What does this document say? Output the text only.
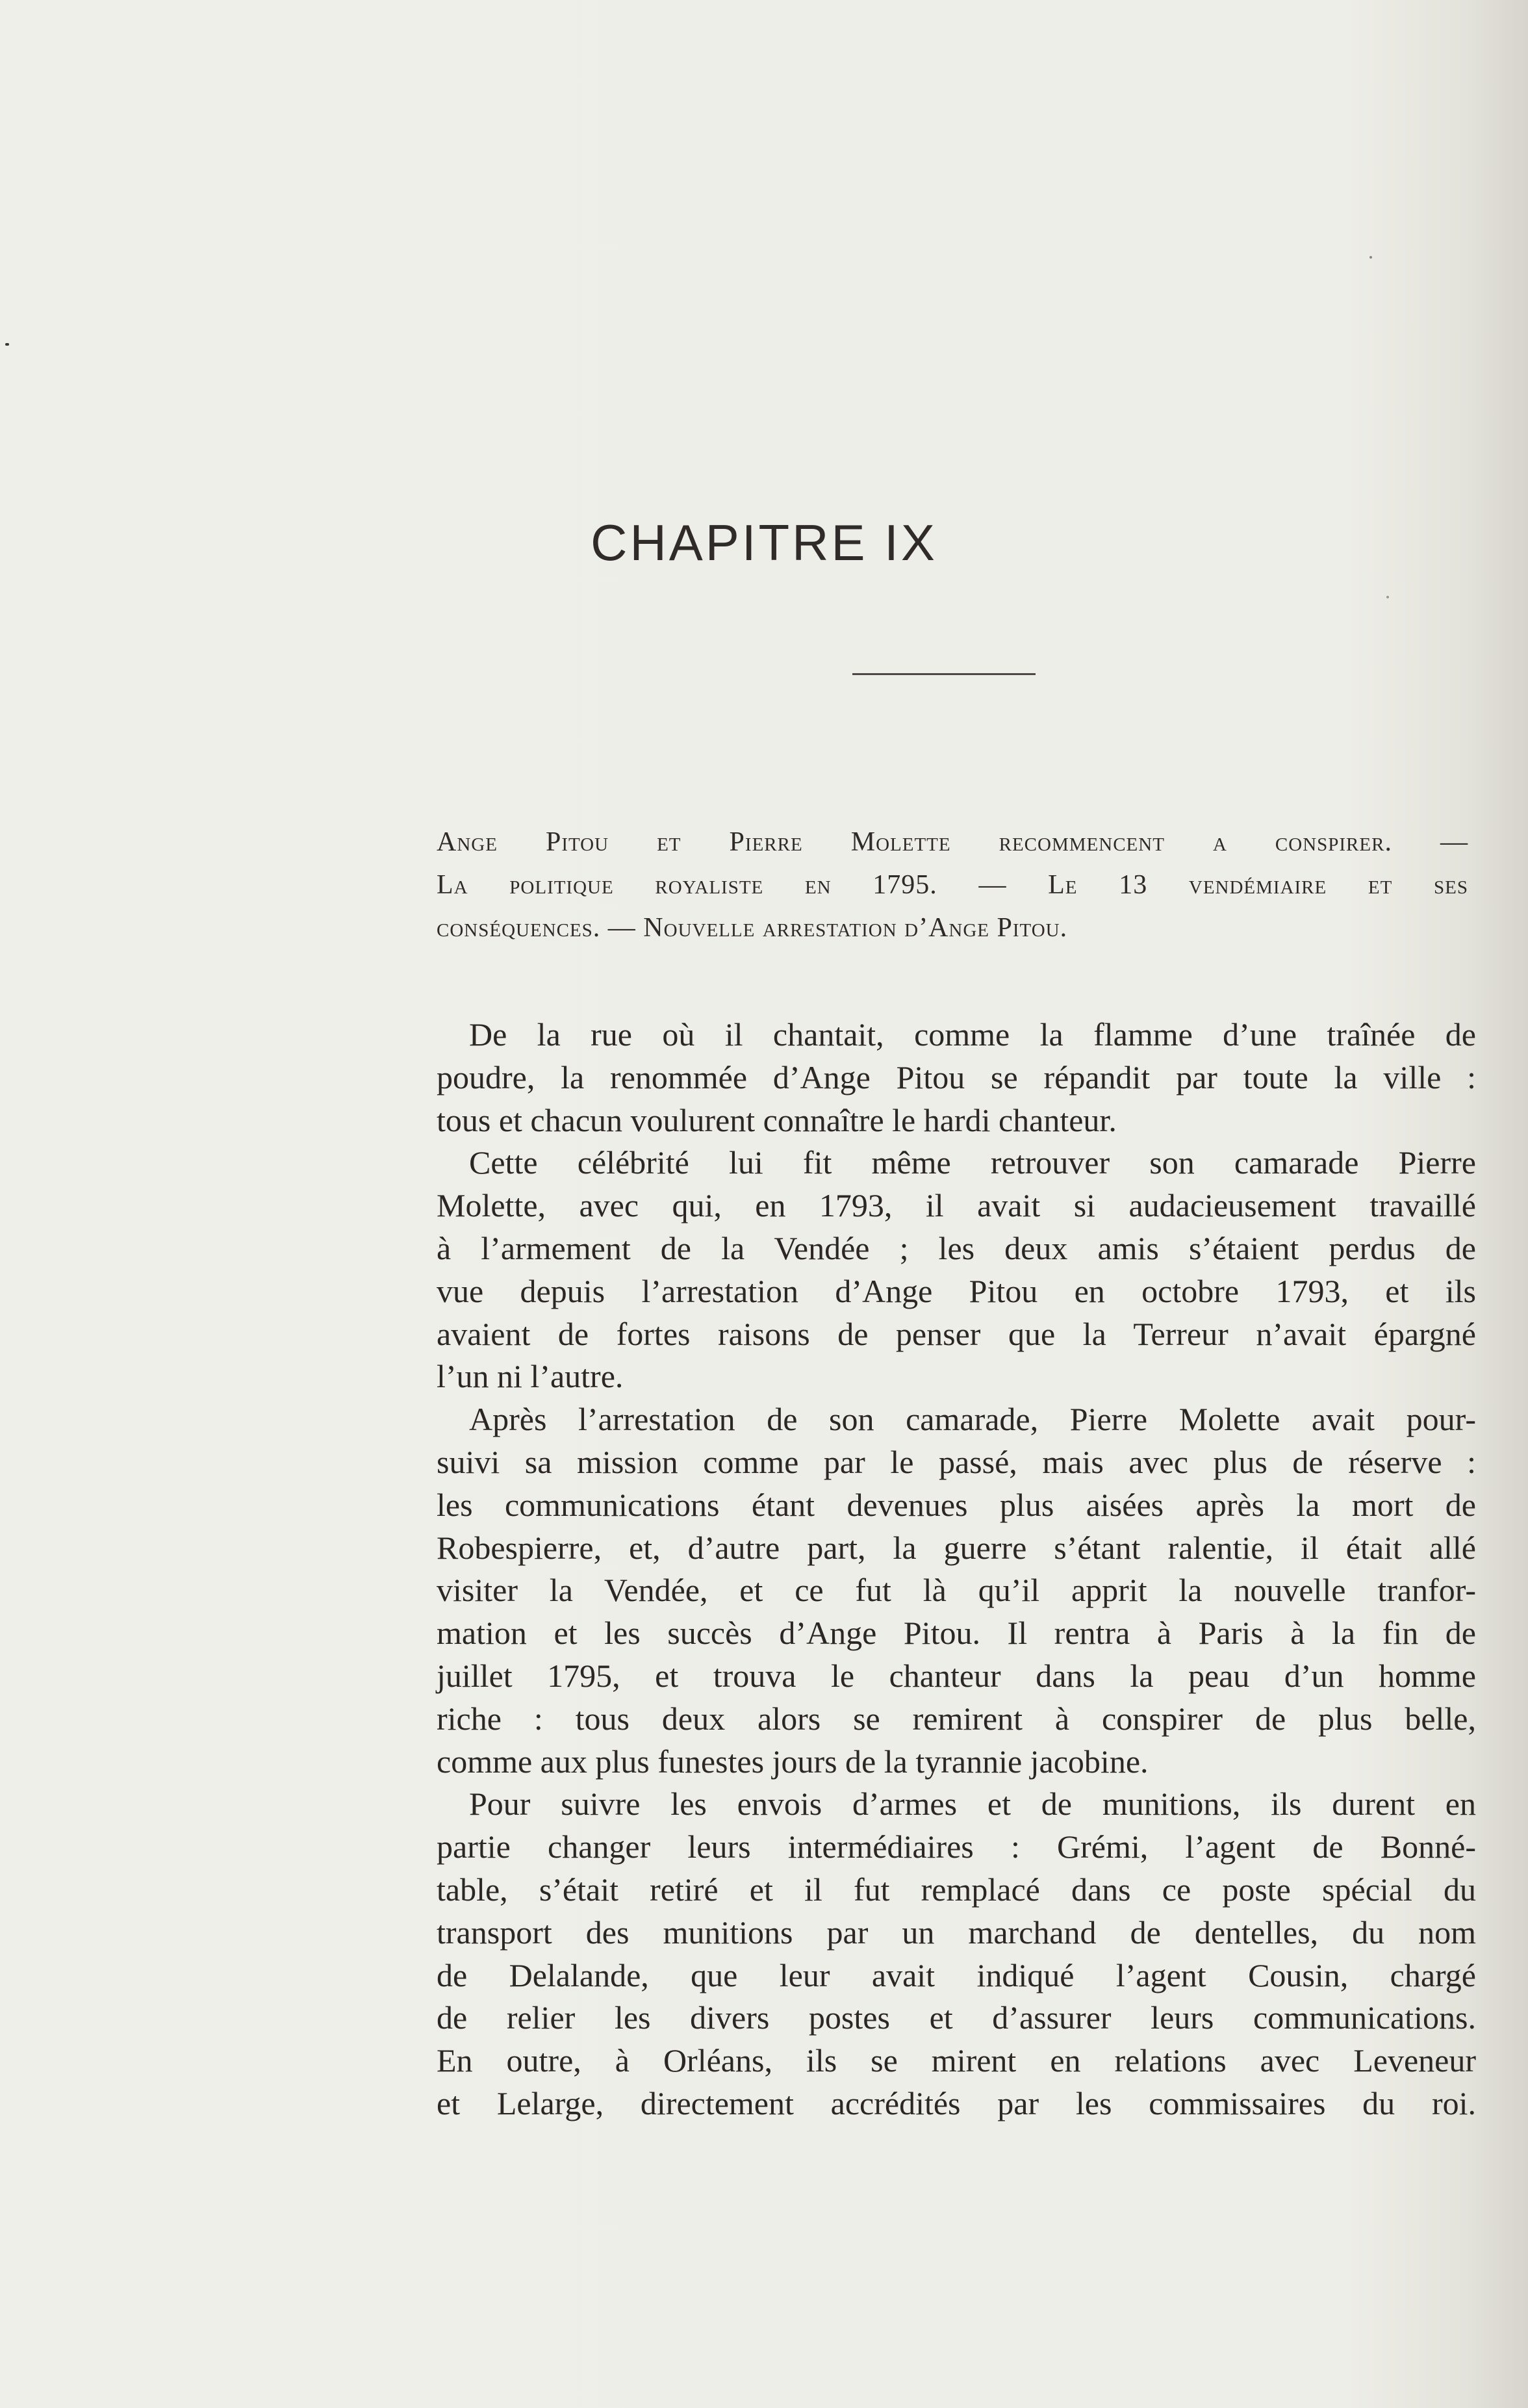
CHAPITRE IX
Ange Pitou et Pierre Molette recommencent a conspirer. —
La politique royaliste en 1795. — Le 13 vendémiaire et ses
conséquences. — Nouvelle arrestation d’Ange Pitou.
De la rue où il chantait, comme la flamme d’une traînée de
poudre, la renommée d’Ange Pitou se répandit par toute la ville :
tous et chacun voulurent connaître le hardi chanteur.
Cette célébrité lui fit même retrouver son camarade Pierre
Molette, avec qui, en 1793, il avait si audacieusement travaillé
à l’armement de la Vendée ; les deux amis s’étaient perdus de
vue depuis l’arrestation d’Ange Pitou en octobre 1793, et ils
avaient de fortes raisons de penser que la Terreur n’avait épargné
l’un ni l’autre.
Après l’arrestation de son camarade, Pierre Molette avait pour-
suivi sa mission comme par le passé, mais avec plus de réserve :
les communications étant devenues plus aisées après la mort de
Robespierre, et, d’autre part, la guerre s’étant ralentie, il était allé
visiter la Vendée, et ce fut là qu’il apprit la nouvelle tranfor-
mation et les succès d’Ange Pitou. Il rentra à Paris à la fin de
juillet 1795, et trouva le chanteur dans la peau d’un homme
riche : tous deux alors se remirent à conspirer de plus belle,
comme aux plus funestes jours de la tyrannie jacobine.
Pour suivre les envois d’armes et de munitions, ils durent en
partie changer leurs intermédiaires : Grémi, l’agent de Bonné-
table, s’était retiré et il fut remplacé dans ce poste spécial du
transport des munitions par un marchand de dentelles, du nom
de Delalande, que leur avait indiqué l’agent Cousin, chargé
de relier les divers postes et d’assurer leurs communications.
En outre, à Orléans, ils se mirent en relations avec Leveneur
et Lelarge, directement accrédités par les commissaires du roi.
